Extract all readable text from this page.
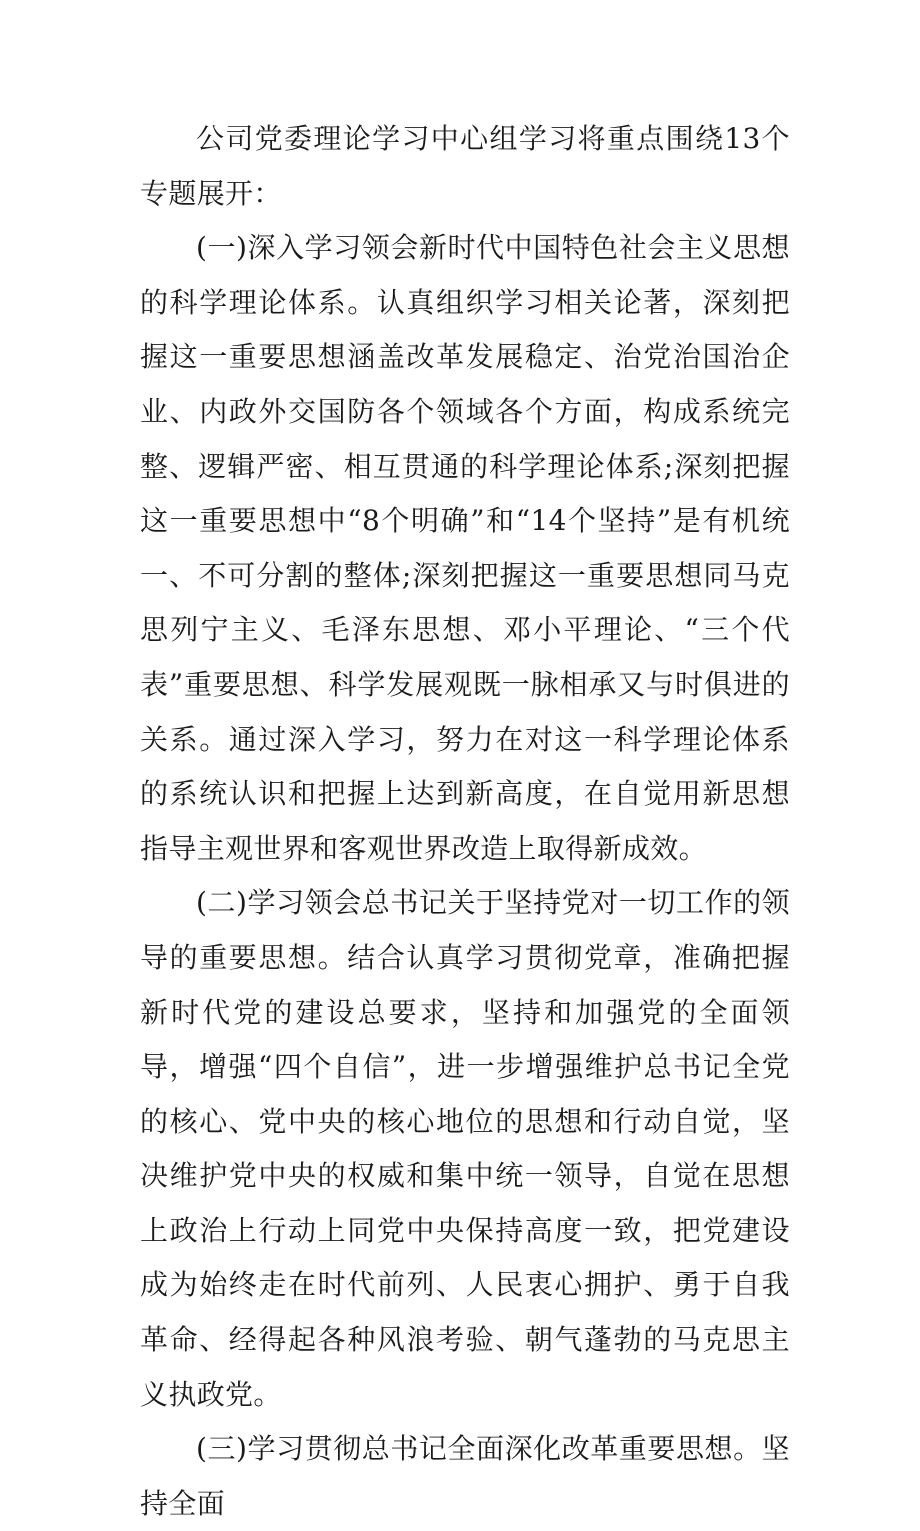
公司党委理论学习中心组学习将重点围绕13个专题展开：

(一)深入学习领会新时代中国特色社会主义思想的科学理论体系。认真组织学习相关论著，深刻把握这一重要思想涵盖改革发展稳定、治党治国治企业、内政外交国防各个领域各个方面，构成系统完整、逻辑严密、相互贯通的科学理论体系;深刻把握这一重要思想中“8个明确”和“14个坚持”是有机统一、不可分割的整体;深刻把握这一重要思想同马克思列宁主义、毛泽东思想、邓小平理论、“三个代表”重要思想、科学发展观既一脉相承又与时俱进的关系。通过深入学习，努力在对这一科学理论体系的系统认识和把握上达到新高度，在自觉用新思想指导主观世界和客观世界改造上取得新成效。

(二)学习领会总书记关于坚持党对一切工作的领导的重要思想。结合认真学习贯彻党章，准确把握新时代党的建设总要求，坚持和加强党的全面领导，增强“四个自信”，进一步增强维护总书记全党的核心、党中央的核心地位的思想和行动自觉，坚决维护党中央的权威和集中统一领导，自觉在思想上政治上行动上同党中央保持高度一致，把党建设成为始终走在时代前列、人民衷心拥护、勇于自我革命、经得起各种风浪考验、朝气蓬勃的马克思主义执政党。

(三)学习贯彻总书记全面深化改革重要思想。坚持全面
